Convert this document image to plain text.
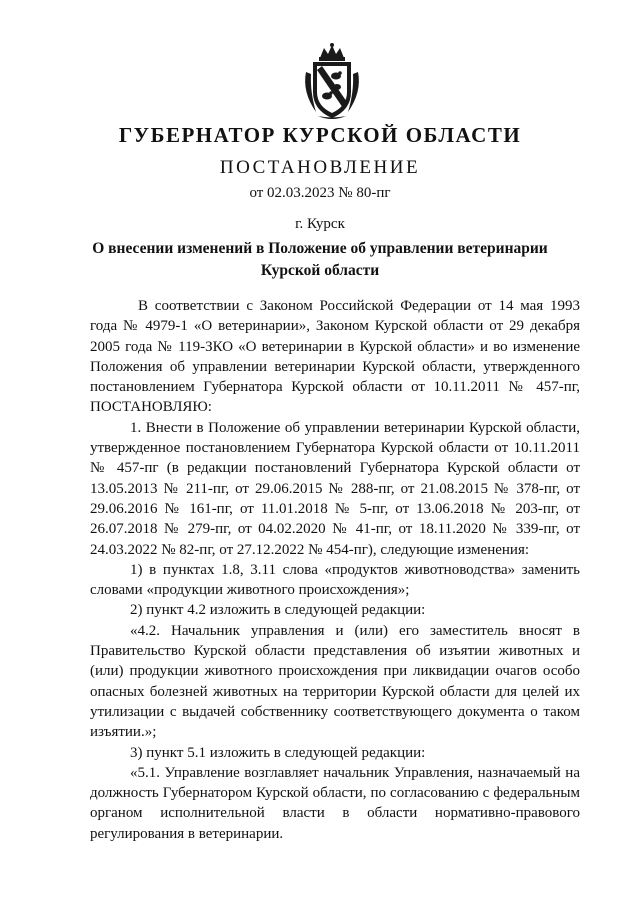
ГУБЕРНАТОР КУРСКОЙ ОБЛАСТИ
ПОСТАНОВЛЕНИЕ
от 02.03.2023 № 80-пг
г. Курск
О внесении изменений в Положение об управлении ветеринарии
Курской области

В соответствии с Законом Российской Федерации от 14 мая 1993 года № 4979-1 «О ветеринарии», Законом Курской области от 29 декабря 2005 года № 119-ЗКО «О ветеринарии в Курской области» и во изменение Положения об управлении ветеринарии Курской области, утвержденного постановлением Губернатора Курской области от 10.11.2011 № 457-пг, ПОСТАНОВЛЯЮ:

1. Внести в Положение об управлении ветеринарии Курской области, утвержденное постановлением Губернатора Курской области от 10.11.2011 № 457-пг (в редакции постановлений Губернатора Курской области от 13.05.2013 № 211-пг, от 29.06.2015 № 288-пг, от 21.08.2015 № 378-пг, от 29.06.2016 № 161-пг, от 11.01.2018 № 5-пг, от 13.06.2018 № 203-пг, от 26.07.2018 № 279-пг, от 04.02.2020 № 41-пг, от 18.11.2020 № 339-пг, от 24.03.2022 № 82-пг, от 27.12.2022 № 454-пг), следующие изменения:

1) в пунктах 1.8, 3.11 слова «продуктов животноводства» заменить словами «продукции животного происхождения»;

2) пункт 4.2 изложить в следующей редакции:

«4.2. Начальник управления и (или) его заместитель вносят в Правительство Курской области представления об изъятии животных и (или) продукции животного происхождения при ликвидации очагов особо опасных болезней животных на территории Курской области для целей их утилизации с выдачей собственнику соответствующего документа о таком изъятии.»;

3) пункт 5.1 изложить в следующей редакции:

«5.1. Управление возглавляет начальник Управления, назначаемый на должность Губернатором Курской области, по согласованию с федеральным органом исполнительной власти в области нормативно-правового регулирования в ветеринарии.
